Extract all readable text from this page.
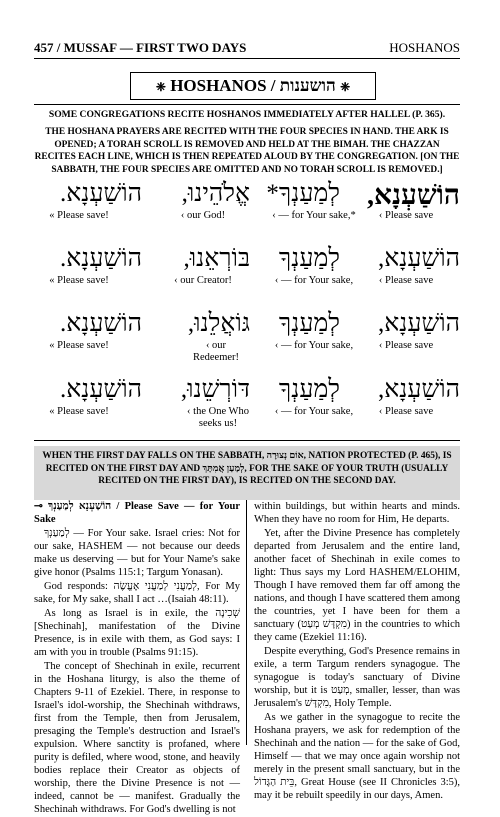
457 / MUSSAF — FIRST TWO DAYS	HOSHANOS
❈ HOSHANOS / הושענות ❈
SOME CONGREGATIONS RECITE HOSHANOS IMMEDIATELY AFTER HALLEL (P. 365).
THE HOSHANA PRAYERS ARE RECITED WITH THE FOUR SPECIES IN HAND. THE ARK IS OPENED; A TORAH SCROLL IS REMOVED AND HELD AT THE BIMAH. THE CHAZZAN RECITES EACH LINE, WHICH IS THEN REPEATED ALOUD BY THE CONGREGATION. [ON THE SABBATH, THE FOUR SPECIES ARE OMITTED AND NO TORAH SCROLL IS REMOVED.]
הוֹשַׁעְנָא,
לְמַעַנְךָ*
אֱלֹהֵינוּ,
הוֹשַׁעְנָא.
‹ Please save
‹ — for Your sake,*
‹ our God!
« Please save!
הוֹשַׁעְנָא,
לְמַעַנְךָ
בּוֹרְאֵנוּ,
הוֹשַׁעְנָא.
‹ Please save
‹ — for Your sake,
‹ our Creator!
« Please save!
הוֹשַׁעְנָא,
לְמַעַנְךָ
גּוֹאֲלֵנוּ,
הוֹשַׁעְנָא.
‹ Please save
‹ — for Your sake,
‹ our Redeemer!
« Please save!
הוֹשַׁעְנָא,
לְמַעַנְךָ
דּוֹרְשֵׁנוּ,
הוֹשַׁעְנָא.
‹ Please save
‹ — for Your sake,
‹ the One Who seeks us!
« Please save!
WHEN THE FIRST DAY FALLS ON THE SABBATH, אוֹם נְצוּרָה, NATION PROTECTED (P. 465), IS RECITED ON THE FIRST DAY AND לְמַעַן אֲמִתָּךְ, FOR THE SAKE OF YOUR TRUTH (USUALLY RECITED ON THE FIRST DAY), IS RECITED ON THE SECOND DAY.

⊸ הוֹשַׁעְנָא לְמַעַנְךָ / Please Save — for Your Sake

לְמַעַנְךָ — For Your sake. Israel cries: Not for our sake, HASHEM — not because our deeds make us deserving — but for Your Name's sake give honor (Psalms 115:1; Targum Yonasan).

God responds: לְמַעֲנִי לְמַעֲנִי אֶעֱשֶׂה, For My sake, for My sake, shall I act …(Isaiah 48:11).

As long as Israel is in exile, the שְׁכִינָה [Shechinah], manifestation of the Divine Presence, is in exile with them, as God says: I am with you in trouble (Psalms 91:15).

The concept of Shechinah in exile, recurrent in the Hoshana liturgy, is also the theme of Chapters 9-11 of Ezekiel. There, in response to Israel's idol-worship, the Shechinah withdraws, first from the Temple, then from Jerusalem, presaging the Temple's destruction and Israel's expulsion. Where sanctity is profaned, where purity is defiled, where wood, stone, and heavily bodies replace their Creator as objects of worship, there the Divine Presence is not — indeed, cannot be — manifest. Gradually the Shechinah withdraws. For God's dwelling is not

within buildings, but within hearts and minds. When they have no room for Him, He departs.

Yet, after the Divine Presence has completely departed from Jerusalem and the entire land, another facet of Shechinah in exile comes to light: Thus says my Lord HASHEM/ELOHIM, Though I have removed them far off among the nations, and though I have scattered them among the countries, yet I have been for them a sanctuary (מִקְדָּשׁ מְעַט) in the countries to which they came (Ezekiel 11:16).

Despite everything, God's Presence remains in exile, a term Targum renders synagogue. The synagogue is today's sanctuary of Divine worship, but it is מְעַט, smaller, lesser, than was Jerusalem's מִקְדָּשׁ, Holy Temple.

As we gather in the synagogue to recite the Hoshana prayers, we ask for redemption of the Shechinah and the nation — for the sake of God, Himself — that we may once again worship not merely in the present small sanctuary, but in the בֵּית הַגָּדוֹל, Great House (see II Chronicles 3:5), may it be rebuilt speedily in our days, Amen.
